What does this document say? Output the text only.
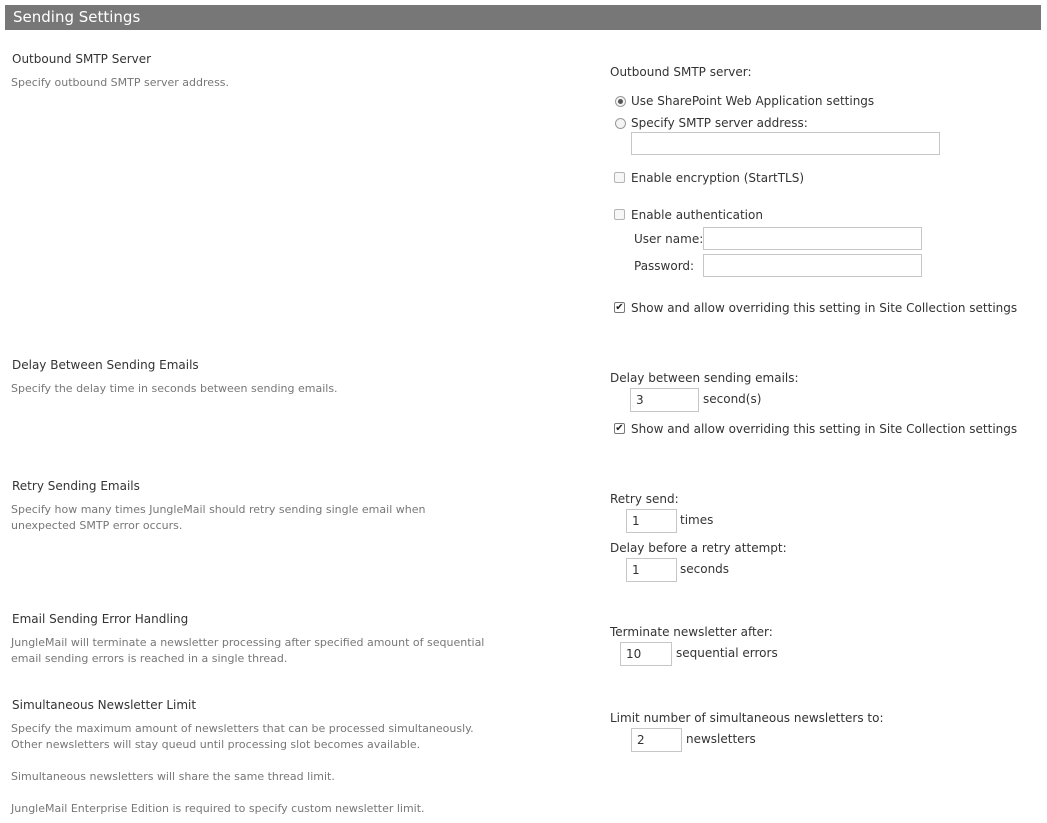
Sending Settings
Outbound SMTP Server
Specify outbound SMTP server address.
Outbound SMTP server:
Use SharePoint Web Application settings
Specify SMTP server address:
Enable encryption (StartTLS)
Enable authentication
User name:
Password:
✔ Show and allow overriding this setting in Site Collection settings
Delay Between Sending Emails
Specify the delay time in seconds between sending emails.
Delay between sending emails:
3
second(s)
✔ Show and allow overriding this setting in Site Collection settings
Retry Sending Emails
Specify how many times JungleMail should retry sending single email when unexpected SMTP error occurs.
Retry send:
1
times
Delay before a retry attempt:
1
seconds
Email Sending Error Handling
JungleMail will terminate a newsletter processing after specified amount of sequential email sending errors is reached in a single thread.
Terminate newsletter after:
10
sequential errors
Simultaneous Newsletter Limit
Specify the maximum amount of newsletters that can be processed simultaneously. Other newsletters will stay queud until processing slot becomes available.
Simultaneous newsletters will share the same thread limit.
JungleMail Enterprise Edition is required to specify custom newsletter limit.
Limit number of simultaneous newsletters to:
2
newsletters
